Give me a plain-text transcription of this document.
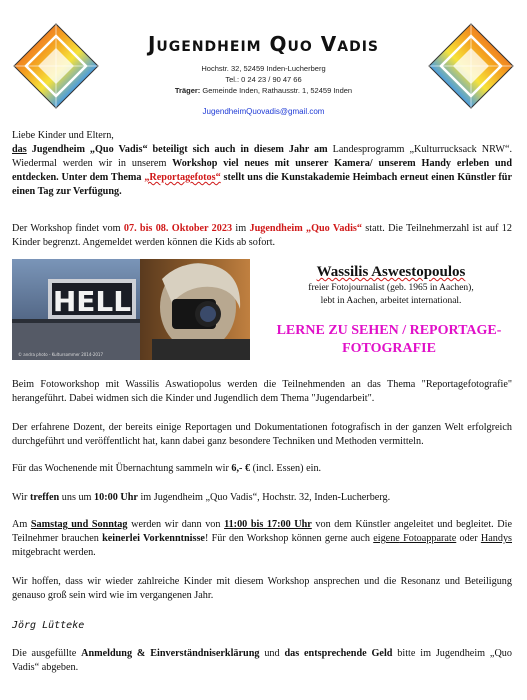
Jugendheim Quo Vadis
Hochstr. 32, 52459 Inden-Lucherberg
Tel.: 0 24 23 / 90 47 66
Träger: Gemeinde Inden, Rathausstr. 1, 52459 Inden
JugendheimQuovadis@gmail.com

Liebe Kinder und Eltern,

das Jugendheim „Quo Vadis“ beteiligt sich auch in diesem Jahr am Landesprogramm „Kulturrucksack NRW“. Wiedermal werden wir in unserem Workshop viel neues mit unserer Kamera/ unserem Handy erleben und entdecken. Unter dem Thema „Reportagefotos“ stellt uns die Kunstakademie Heimbach erneut einen Künstler für einen Tag zur Verfügung.

Der Workshop findet vom 07. bis 08. Oktober 2023 im Jugendheim „Quo Vadis“ statt. Die Teilnehmerzahl ist auf 12 Kinder begrenzt. Angemeldet werden können die Kids ab sofort.

HELL
© andra photo - Kultursommer 2014-2017
Wassilis Aswestopoulos
freier Fotojournalist (geb. 1965 in Aachen),
lebt in Aachen, arbeitet international.
LERNE ZU SEHEN / REPORTAGE-
FOTOGRAFIE

Beim Fotoworkshop mit Wassilis Aswatiopolus werden die Teilnehmenden an das Thema "Reportagefotografie" herangeführt. Dabei widmen sich die Kinder und Jugendlich dem Thema "Jugendarbeit".

Der erfahrene Dozent, der bereits einige Reportagen und Dokumentationen fotografisch in der ganzen Welt erfolgreich durchgeführt und veröffentlicht hat, kann dabei ganz besondere Techniken und Methoden vermitteln.

Für das Wochenende mit Übernachtung sammeln wir 6,- € (incl. Essen) ein.

Wir treffen uns um 10:00 Uhr im Jugendheim „Quo Vadis“, Hochstr. 32, Inden-Lucherberg.

Am Samstag und Sonntag werden wir dann von 11:00 bis 17:00 Uhr von dem Künstler angeleitet und begleitet. Die Teilnehmer brauchen keinerlei Vorkenntnisse! Für den Workshop können gerne auch eigene Fotoapparate oder Handys mitgebracht werden.

Wir hoffen, dass wir wieder zahlreiche Kinder mit diesem Workshop ansprechen und die Resonanz und Beteiligung genauso groß sein wird wie im vergangenen Jahr.

Jörg Lütteke

Die ausgefüllte Anmeldung & Einverständniserklärung und das entsprechende Geld bitte im Jugendheim „Quo Vadis“ abgeben.
